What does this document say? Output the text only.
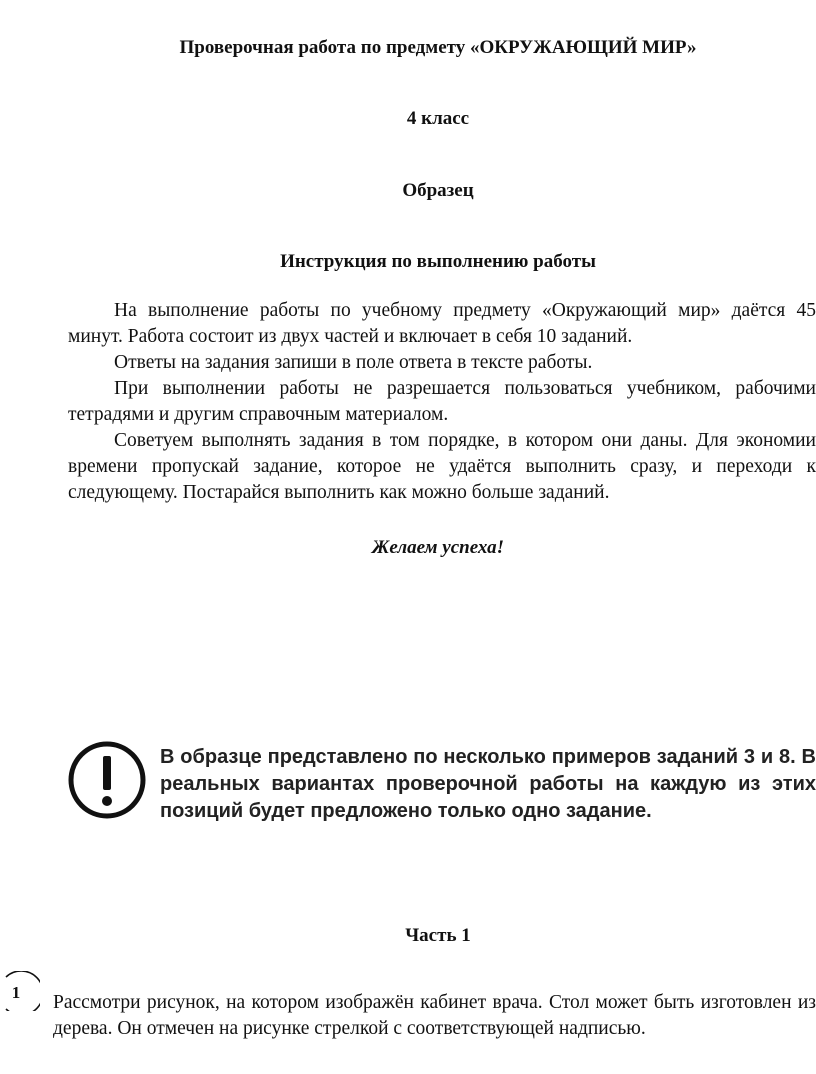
Проверочная работа по предмету «ОКРУЖАЮЩИЙ МИР»
4 класс
Образец
Инструкция по выполнению работы

На выполнение работы по учебному предмету «Окружающий мир» даётся 45 минут. Работа состоит из двух частей и включает в себя 10 заданий.

Ответы на задания запиши в поле ответа в тексте работы.

При выполнении работы не разрешается пользоваться учебником, рабочими тетрадями и другим справочным материалом.

Советуем выполнять задания в том порядке, в котором они даны. Для экономии времени пропускай задание, которое не удаётся выполнить сразу, и переходи к следующему. Постарайся выполнить как можно больше заданий.

Желаем успеха!
В образце представлено по несколько примеров заданий 3 и 8. В реальных вариантах проверочной работы на каждую из этих позиций будет предложено только одно задание.
Часть 1
1	Рассмотри рисунок, на котором изображён кабинет врача. Стол может быть изготовлен из дерева. Он отмечен на рисунке стрелкой с соответствующей надписью.
